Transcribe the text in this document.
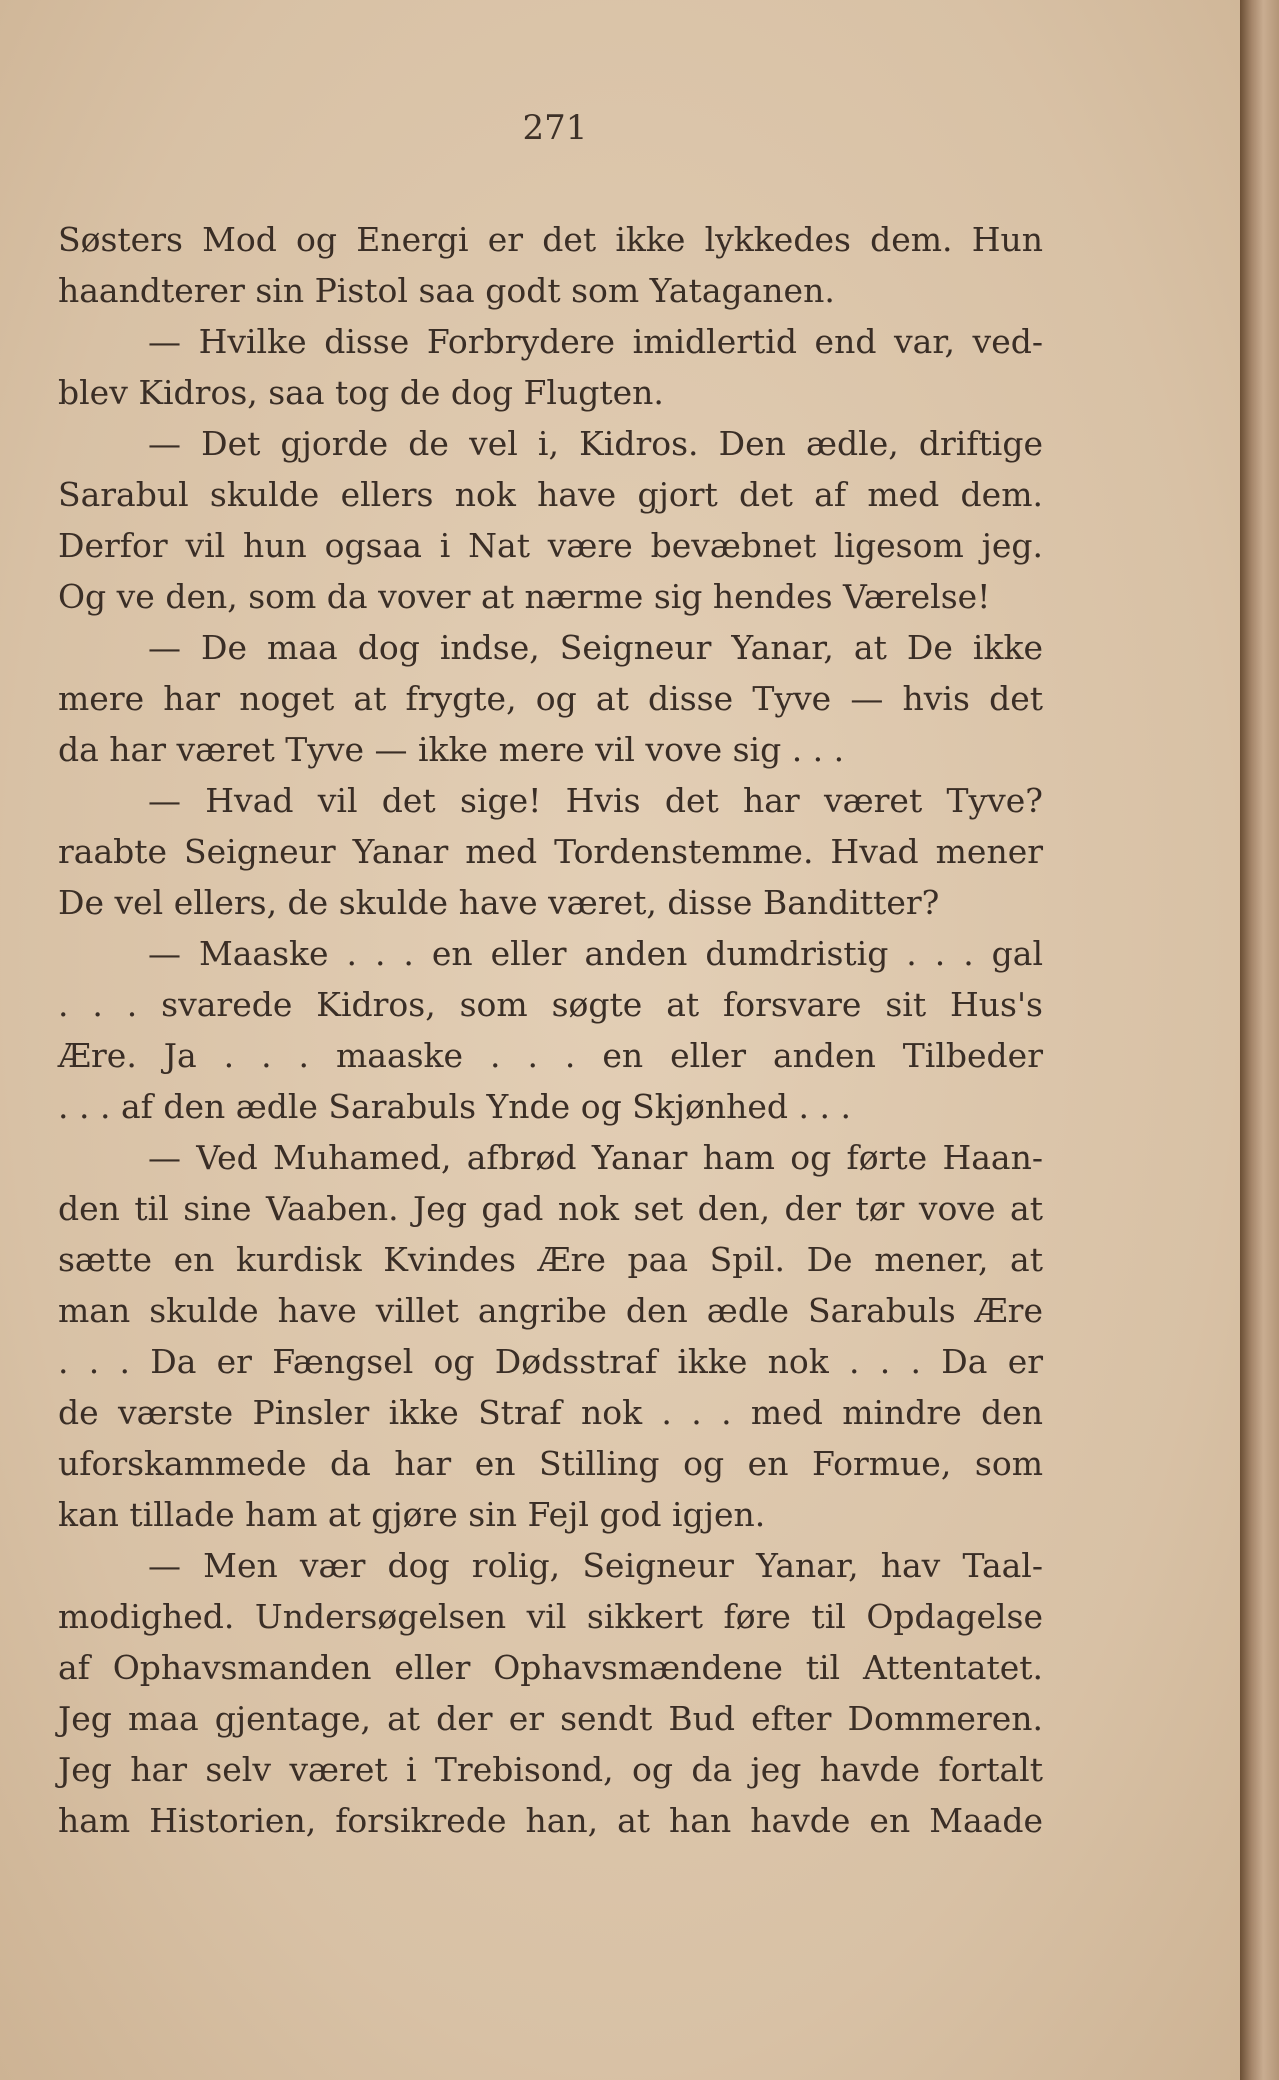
271
Søsters Mod og Energi er det ikke lykkedes dem. Hun
haandterer sin Pistol saa godt som Yataganen.
— Hvilke disse Forbrydere imidlertid end var, ved-
blev Kidros, saa tog de dog Flugten.
— Det gjorde de vel i, Kidros. Den ædle, driftige
Sarabul skulde ellers nok have gjort det af med dem.
Derfor vil hun ogsaa i Nat være bevæbnet ligesom jeg.
Og ve den, som da vover at nærme sig hendes Værelse!
— De maa dog indse, Seigneur Yanar, at De ikke
mere har noget at frygte, og at disse Tyve — hvis det
da har været Tyve — ikke mere vil vove sig . . .
— Hvad vil det sige! Hvis det har været Tyve?
raabte Seigneur Yanar med Tordenstemme. Hvad mener
De vel ellers, de skulde have været, disse Banditter?
— Maaske . . . en eller anden dumdristig . . . gal
. . . svarede Kidros, som søgte at forsvare sit Hus's
Ære. Ja . . . maaske . . . en eller anden Tilbeder
. . . af den ædle Sarabuls Ynde og Skjønhed . . .
— Ved Muhamed, afbrød Yanar ham og førte Haan-
den til sine Vaaben. Jeg gad nok set den, der tør vove at
sætte en kurdisk Kvindes Ære paa Spil. De mener, at
man skulde have villet angribe den ædle Sarabuls Ære
. . . Da er Fængsel og Dødsstraf ikke nok . . . Da er
de værste Pinsler ikke Straf nok . . . med mindre den
uforskammede da har en Stilling og en Formue, som
kan tillade ham at gjøre sin Fejl god igjen.
— Men vær dog rolig, Seigneur Yanar, hav Taal-
modighed. Undersøgelsen vil sikkert føre til Opdagelse
af Ophavsmanden eller Ophavsmændene til Attentatet.
Jeg maa gjentage, at der er sendt Bud efter Dommeren.
Jeg har selv været i Trebisond, og da jeg havde fortalt
ham Historien, forsikrede han, at han havde en Maade
